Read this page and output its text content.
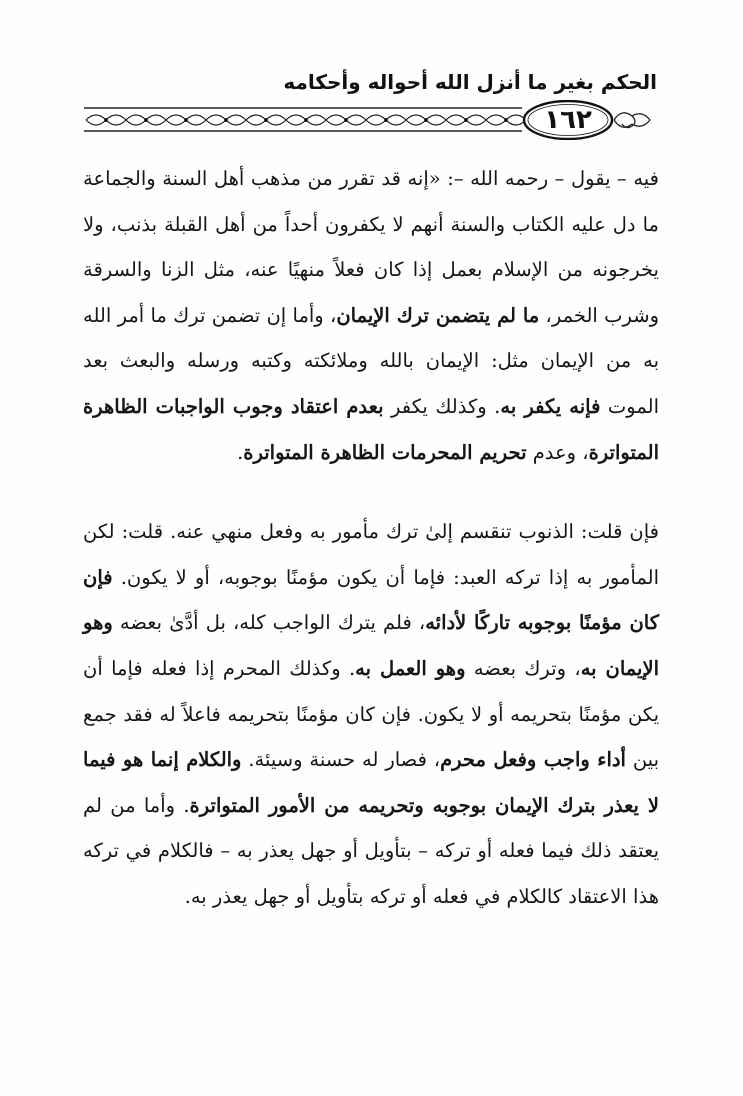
الحكم بغير ما أنزل الله أحواله وأحكامه
١٦٢

فيه – يقول – رحمه الله –: «إنه قد تقرر من مذهب أهل السنة والجماعة ما دل عليه الكتاب والسنة أنهم لا يكفرون أحداً من أهل القبلة بذنب، ولا يخرجونه من الإسلام بعمل إذا كان فعلاً منهيًا عنه، مثل الزنا والسرقة وشرب الخمر، ما لم يتضمن ترك الإيمان، وأما إن تضمن ترك ما أمر الله به من الإيمان مثل: الإيمان بالله وملائكته وكتبه ورسله والبعث بعد الموت فإنه يكفر به. وكذلك يكفر بعدم اعتقاد وجوب الواجبات الظاهرة المتواترة، وعدم تحريم المحرمات الظاهرة المتواترة.

فإن قلت: الذنوب تنقسم إلىٰ ترك مأمور به وفعل منهي عنه. قلت: لكن المأمور به إذا تركه العبد: فإما أن يكون مؤمنًا بوجوبه، أو لا يكون. فإن كان مؤمنًا بوجوبه تاركًا لأدائه، فلم يترك الواجب كله، بل أدَّىٰ بعضه وهو الإيمان به، وترك بعضه وهو العمل به. وكذلك المحرم إذا فعله فإما أن يكن مؤمنًا بتحريمه أو لا يكون. فإن كان مؤمنًا بتحريمه فاعلاً له فقد جمع بين أداء واجب وفعل محرم، فصار له حسنة وسيئة. والكلام إنما هو فيما لا يعذر بترك الإيمان بوجوبه وتحريمه من الأمور المتواترة. وأما من لم يعتقد ذلك فيما فعله أو تركه – بتأويل أو جهل يعذر به – فالكلام في تركه هذا الاعتقاد كالكلام في فعله أو تركه بتأويل أو جهل يعذر به.
